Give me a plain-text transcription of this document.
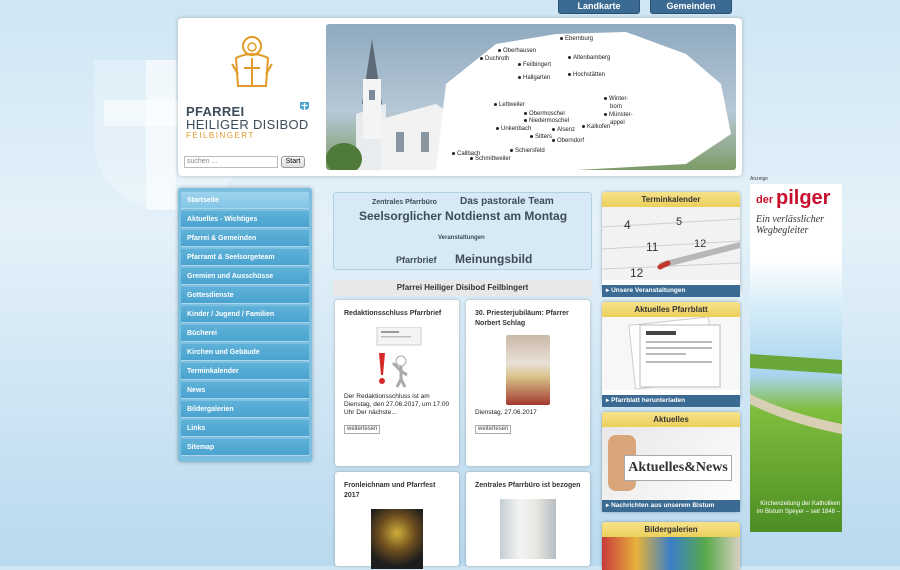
Landkarte	Gemeinden
PFARREI
HEILIGER DISIBOD
FEILBINGERT
suchen ...	Start
Oberhausen
Duchroth
Ebernburg
Feilbingert
Altenbamberg
Hallgarten	Hochstätten
Lettweiler
Winter-
born
Obermoschel
Niedermoschel
Münster-
appel
Unkenbach	Alsenz	Kalkofen
Sitters
Oberndorf
Schiersfeld
Callbach
Schmittweiler
Startseite
Aktuelles - Wichtiges
Pfarrei & Gemeinden
Pfarramt & Seelsorgeteam
Gremien und Ausschüsse
Gottesdienste
Kinder / Jugend / Familien
Bücherei
Kirchen und Gebäude
Terminkalender
News
Bildergalerien
Links
Sitemap
Zentrales Pfarrbüro Das pastorale Team
Seelsorglicher Notdienst am Montag
Veranstaltungen
Pfarrbrief Meinungsbild
Pfarrei Heiliger Disibod Feilbingert
Redaktionsschluss Pfarrbrief
Der Redaktionsschluss ist am Dienstag, den 27.06.2017, um 17:00 Uhr Der nächste...
weiterlesen
30. Priesterjubiläum: Pfarrer Norbert Schlag
Dienstag, 27.06.2017
weiterlesen
Fronleichnam und Pfarrfest 2017
Zentrales Pfarrbüro ist bezogen
Terminkalender
4	5
11	12
12
▸ Unsere Veranstaltungen
Aktuelles Pfarrblatt
▸ Pfarrblatt herunterladen
Aktuelles
Aktuelles&News
▸ Nachrichten aus unserem Bistum
Bildergalerien
Anzeige
der pilger
Ein verlässlicher Wegbegleiter
Kirchenzeitung der Katholiken im Bistum Speyer – seit 1848 –
